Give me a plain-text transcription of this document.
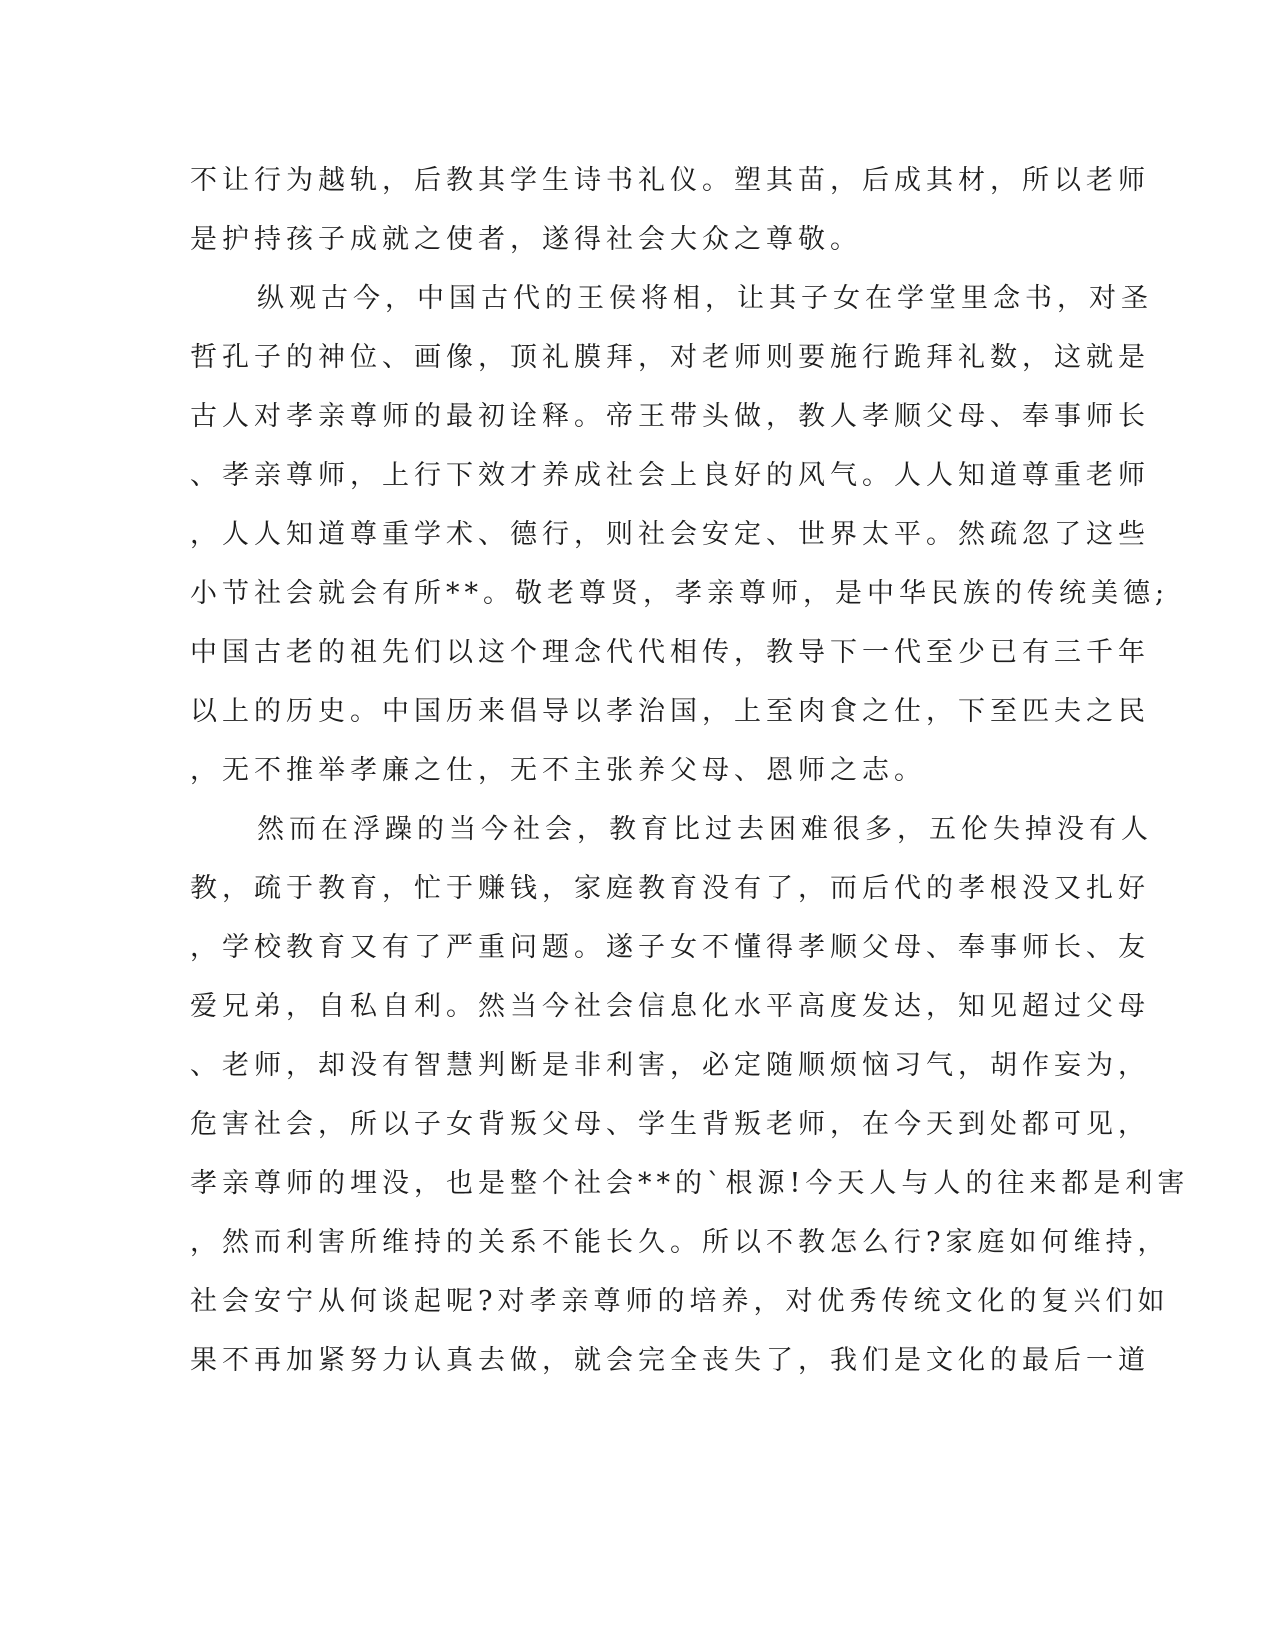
不让行为越轨，后教其学生诗书礼仪。塑其苗，后成其材，所以老师
是护持孩子成就之使者，遂得社会大众之尊敬。
纵观古今，中国古代的王侯将相，让其子女在学堂里念书，对圣
哲孔子的神位、画像，顶礼膜拜，对老师则要施行跪拜礼数，这就是
古人对孝亲尊师的最初诠释。帝王带头做，教人孝顺父母、奉事师长
、孝亲尊师，上行下效才养成社会上良好的风气。人人知道尊重老师
，人人知道尊重学术、德行，则社会安定、世界太平。然疏忽了这些
小节社会就会有所**。敬老尊贤，孝亲尊师，是中华民族的传统美德;
中国古老的祖先们以这个理念代代相传，教导下一代至少已有三千年
以上的历史。中国历来倡导以孝治国，上至肉食之仕，下至匹夫之民
，无不推举孝廉之仕，无不主张养父母、恩师之志。
然而在浮躁的当今社会，教育比过去困难很多，五伦失掉没有人
教，疏于教育，忙于赚钱，家庭教育没有了，而后代的孝根没又扎好
，学校教育又有了严重问题。遂子女不懂得孝顺父母、奉事师长、友
爱兄弟，自私自利。然当今社会信息化水平高度发达，知见超过父母
、老师，却没有智慧判断是非利害，必定随顺烦恼习气，胡作妄为，
危害社会，所以子女背叛父母、学生背叛老师，在今天到处都可见，
孝亲尊师的埋没，也是整个社会**的`根源!今天人与人的往来都是利害
，然而利害所维持的关系不能长久。所以不教怎么行?家庭如何维持，
社会安宁从何谈起呢?对孝亲尊师的培养，对优秀传统文化的复兴们如
果不再加紧努力认真去做，就会完全丧失了，我们是文化的最后一道
